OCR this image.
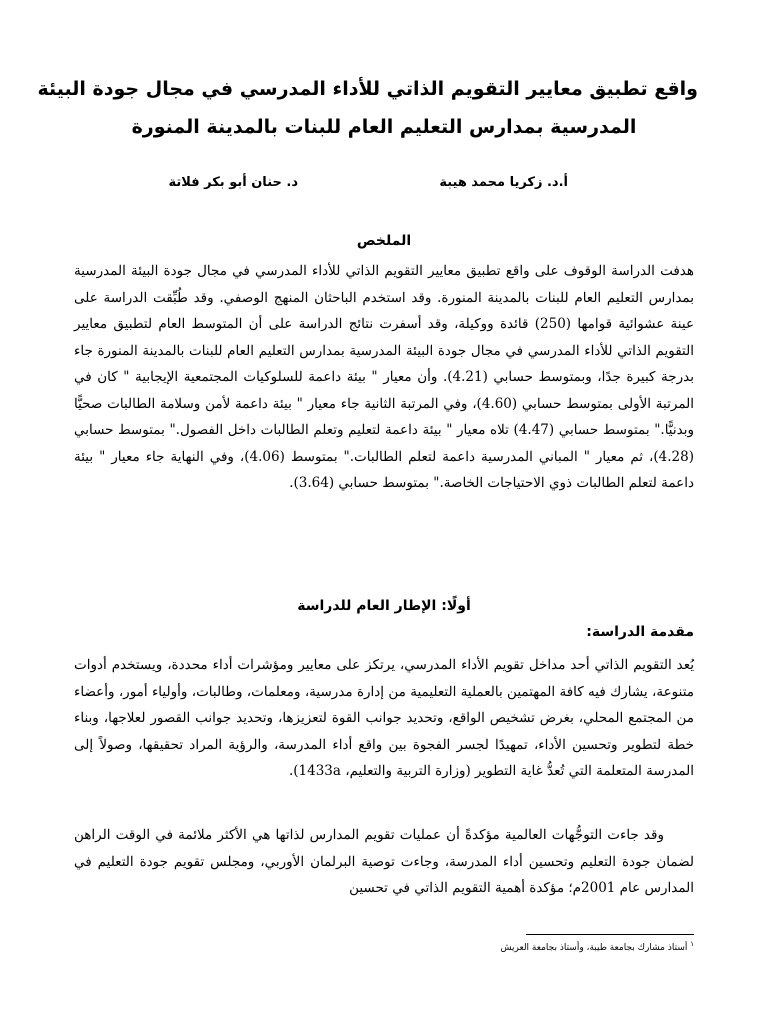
واقع تطبيق معايير التقويم الذاتي للأداء المدرسي في مجال جودة البيئة
المدرسية بمدارس التعليم العام للبنات بالمدينة المنورة
أ.د. زكريا محمد هيبة
د. حنان أبو بكر فلاتة
الملخص
هدفت الدراسة الوقوف على واقع تطبيق معايير التقويم الذاتي للأداء المدرسي في مجال جودة البيئة المدرسية بمدارس التعليم العام للبنات بالمدينة المنورة. وقد استخدم الباحثان المنهج الوصفي. وقد طُبِّقت الدراسة على عينة عشوائية قوامها (250) قائدة ووكيلة، وقد أسفرت نتائج الدراسة على أن المتوسط العام لتطبيق معايير التقويم الذاتي للأداء المدرسي في مجال جودة البيئة المدرسية بمدارس التعليم العام للبنات بالمدينة المنورة جاء بدرجة كبيرة جدًا، وبمتوسط حسابي (4.21). وأن معيار " بيئة داعمة للسلوكيات المجتمعية الإيجابية " كان في المرتبة الأولى بمتوسط حسابي (4.60)، وفي المرتبة الثانية جاء معيار " بيئة داعمة لأمن وسلامة الطالبات صحيًّا وبدنيًّا." بمتوسط حسابي (4.47) تلاه معيار " بيئة داعمة لتعليم وتعلم الطالبات داخل الفصول." بمتوسط حسابي (4.28)، ثم معيار " المباني المدرسية داعمة لتعلم الطالبات." بمتوسط (4.06)، وفي النهاية جاء معيار " بيئة داعمة لتعلم الطالبات ذوي الاحتياجات الخاصة." بمتوسط حسابي (3.64).
أولًا: الإطار العام للدراسة
مقدمة الدراسة:
يُعد التقويم الذاتي أحد مداخل تقويم الأداء المدرسي، يرتكز على معايير ومؤشرات أداء محددة، ويستخدم أدوات متنوعة، يشارك فيه كافة المهتمين بالعملية التعليمية من إدارة مدرسية، ومعلمات، وطالبات، وأولياء أمور، وأعضاء من المجتمع المحلي، بغرض تشخيص الواقع، وتحديد جوانب القوة لتعزيزها، وتحديد جوانب القصور لعلاجها، وبناء خطة لتطوير وتحسين الأداء، تمهيدًا لجسر الفجوة بين واقع أداء المدرسة، والرؤية المراد تحقيقها، وصولاً إلى المدرسة المتعلمة التي تُعدُّ غاية التطوير (وزارة التربية والتعليم، 1433a).
وقد جاءت التوجُّهات العالمية مؤكدةً أن عمليات تقويم المدارس لذاتها هي الأكثر ملائمة في الوقت الراهن لضمان جودة التعليم وتحسين أداء المدرسة، وجاءت توصية البرلمان الأوربي، ومجلس تقويم جودة التعليم في المدارس عام 2001م؛ مؤكدة أهمية التقويم الذاتي في تحسين
$^١$ أستاذ مشارك بجامعة طيبة، وأستاذ بجامعة العريش
